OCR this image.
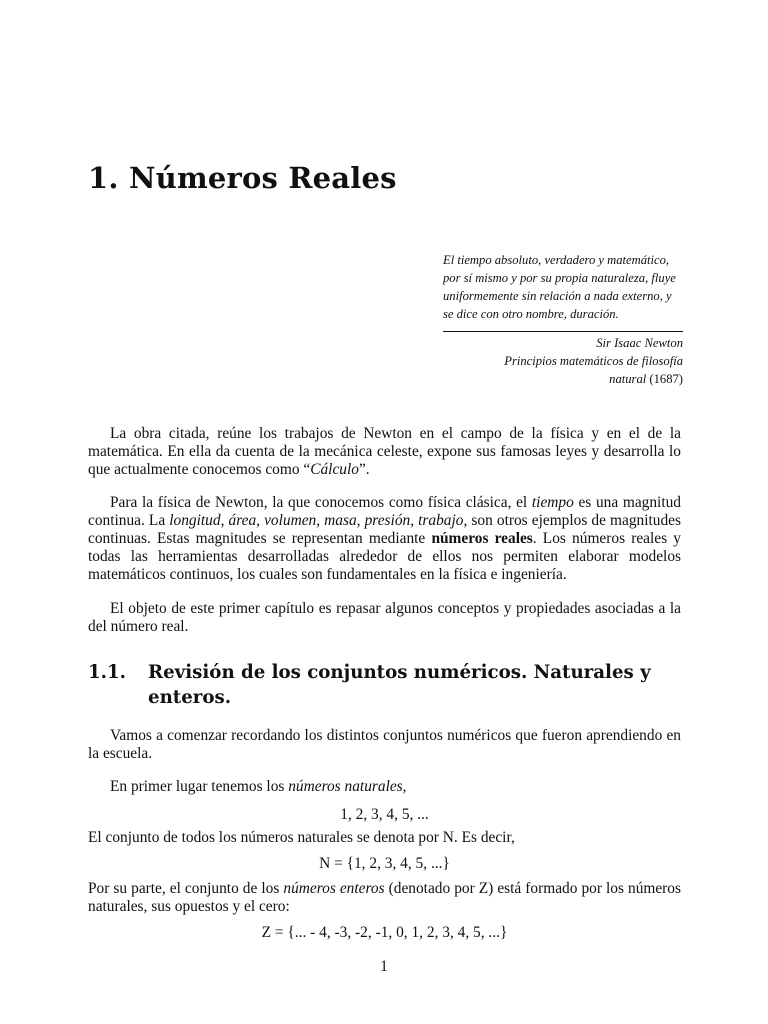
1. Números Reales

El tiempo absoluto, verdadero y matemático, por sí mismo y por su propia naturaleza, fluye uniformemente sin relación a nada externo, y se dice con otro nombre, duración.

Sir Isaac Newton

Principios matemáticos de filosofía
natural (1687)

La obra citada, reúne los trabajos de Newton en el campo de la física y en el de la matemática. En ella da cuenta de la mecánica celeste, expone sus famosas leyes y desarrolla lo que actualmente conocemos como “Cálculo”.

Para la física de Newton, la que conocemos como física clásica, el tiempo es una magnitud continua. La longitud, área, volumen, masa, presión, trabajo, son otros ejemplos de magnitudes continuas. Estas magnitudes se representan mediante números reales. Los números reales y todas las herramientas desarrolladas alrededor de ellos nos permiten elaborar modelos matemáticos continuos, los cuales son fundamentales en la física e ingeniería.

El objeto de este primer capítulo es repasar algunos conceptos y propiedades asociadas a la del número real.

1.1.	Revisión de los conjuntos numéricos. Naturales y enteros.

Vamos a comenzar recordando los distintos conjuntos numéricos que fueron aprendiendo en la escuela.

En primer lugar tenemos los números naturales,

1, 2, 3, 4, 5, ...

El conjunto de todos los números naturales se denota por N. Es decir,

N = {1, 2, 3, 4, 5, ...}

Por su parte, el conjunto de los números enteros (denotado por Z) está formado por los números naturales, sus opuestos y el cero:

Z = {... - 4, -3, -2, -1, 0, 1, 2, 3, 4, 5, ...}

1
